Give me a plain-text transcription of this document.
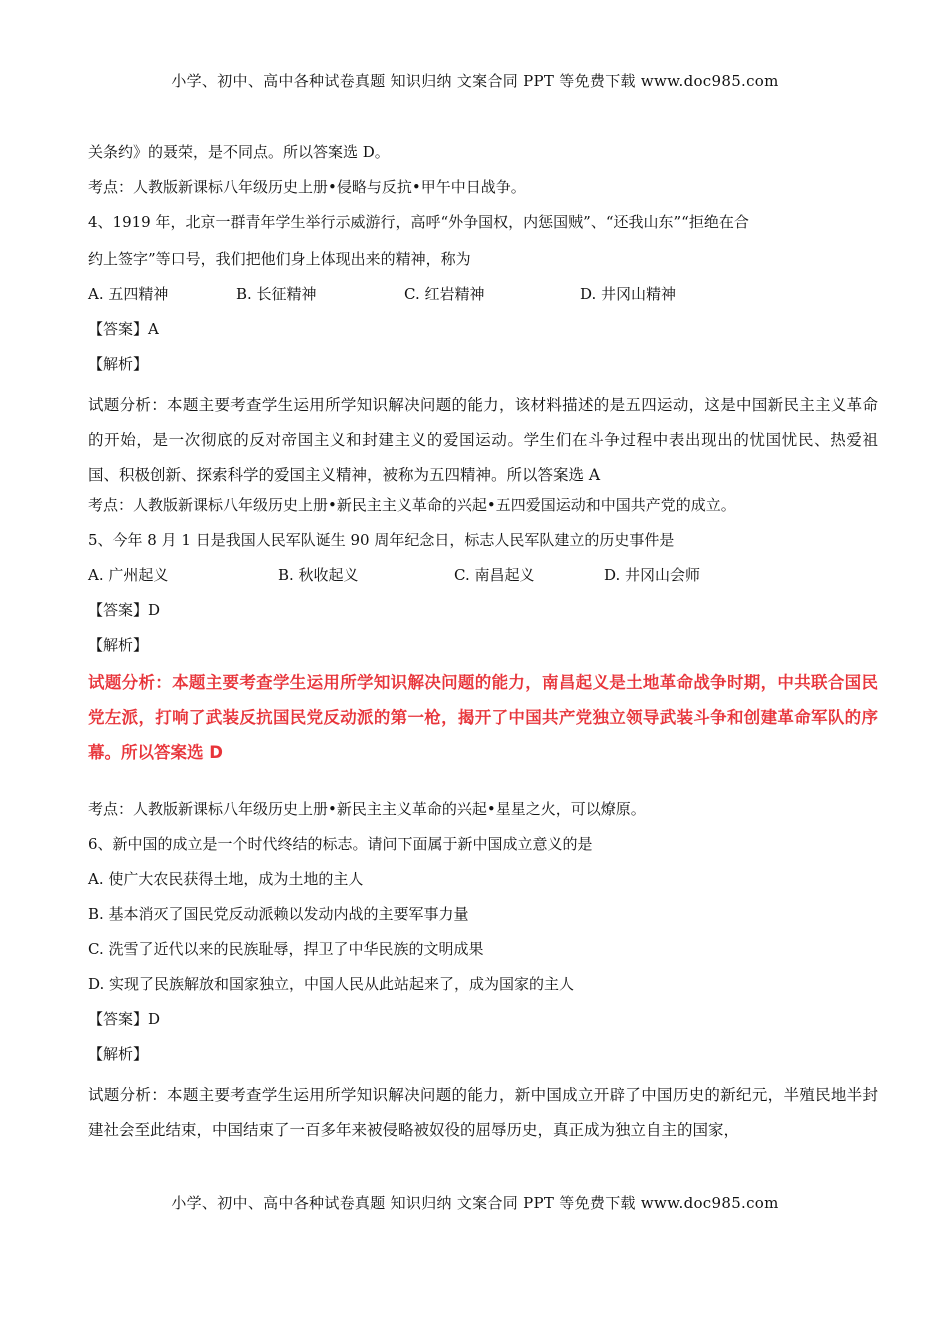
小学、初中、高中各种试卷真题 知识归纳 文案合同 PPT 等免费下载 www.doc985.com
关条约》的聂荣，是不同点。所以答案选 D。
考点：人教版新课标八年级历史上册•侵略与反抗•甲午中日战争。
4、1919 年，北京一群青年学生举行示威游行，高呼“外争国权，内惩国贼”、“还我山东”“拒绝在合
约上签字”等口号，我们把他们身上体现出来的精神，称为
A. 五四精神	B. 长征精神	C. 红岩精神	D. 井冈山精神
【答案】A
【解析】
试题分析：本题主要考查学生运用所学知识解决问题的能力，该材料描述的是五四运动，这是中国新民主主义革命的开始，是一次彻底的反对帝国主义和封建主义的爱国运动。学生们在斗争过程中表出现出的忧国忧民、热爱祖国、积极创新、探索科学的爱国主义精神，被称为五四精神。所以答案选 A
考点：人教版新课标八年级历史上册•新民主主义革命的兴起•五四爱国运动和中国共产党的成立。
5、今年 8 月 1 日是我国人民军队诞生 90 周年纪念日，标志人民军队建立的历史事件是
A. 广州起义	B. 秋收起义	C. 南昌起义	D. 井冈山会师
【答案】D
【解析】
试题分析：本题主要考查学生运用所学知识解决问题的能力，南昌起义是土地革命战争时期，中共联合国民党左派，打响了武装反抗国民党反动派的第一枪，揭开了中国共产党独立领导武装斗争和创建革命军队的序幕。所以答案选 D
考点：人教版新课标八年级历史上册•新民主主义革命的兴起•星星之火，可以燎原。
6、新中国的成立是一个时代终结的标志。请问下面属于新中国成立意义的是
A. 使广大农民获得土地，成为土地的主人
B. 基本消灭了国民党反动派赖以发动内战的主要军事力量
C. 洗雪了近代以来的民族耻辱，捍卫了中华民族的文明成果
D. 实现了民族解放和国家独立，中国人民从此站起来了，成为国家的主人
【答案】D
【解析】
试题分析：本题主要考查学生运用所学知识解决问题的能力，新中国成立开辟了中国历史的新纪元，半殖民地半封建社会至此结束，中国结束了一百多年来被侵略被奴役的屈辱历史，真正成为独立自主的国家，
小学、初中、高中各种试卷真题 知识归纳 文案合同 PPT 等免费下载 www.doc985.com
